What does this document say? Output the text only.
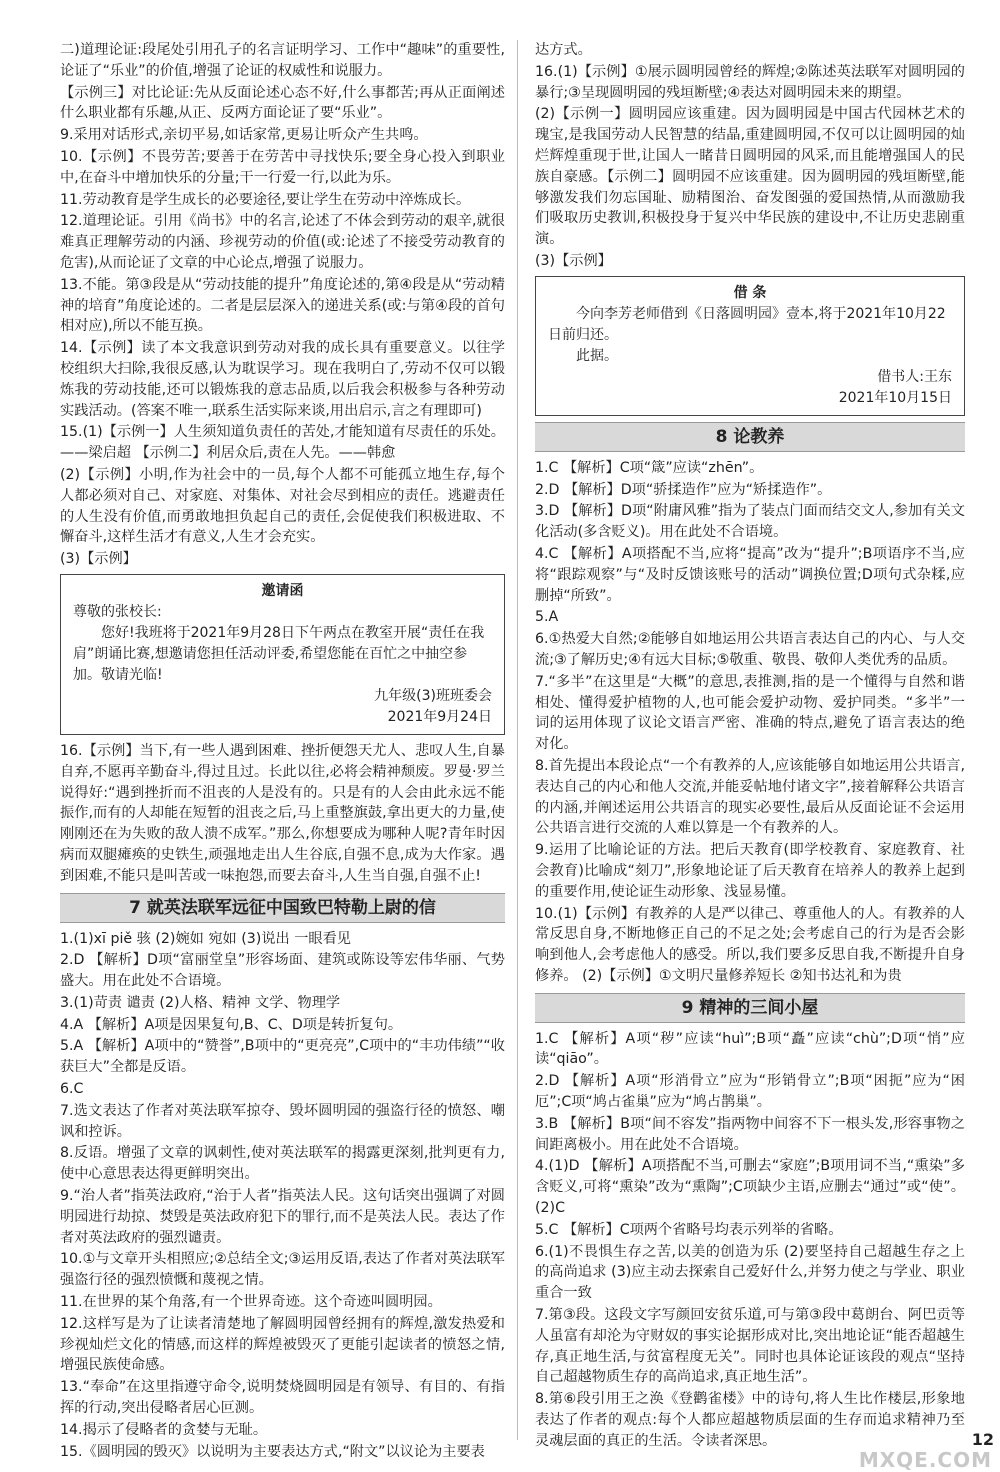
二)道理论证:段尾处引用孔子的名言证明学习、工作中“趣味”的重要性,论证了“乐业”的价值,增强了论证的权威性和说服力。

【示例三】对比论证:先从反面论述心态不好,什么事都苦;再从正面阐述什么职业都有乐趣,从正、反两方面论证了要“乐业”。

9.采用对话形式,亲切平易,如话家常,更易让听众产生共鸣。

10.【示例】不畏劳苦;要善于在劳苦中寻找快乐;要全身心投入到职业中,在奋斗中增加快乐的分量;干一行爱一行,以此为乐。

11.劳动教育是学生成长的必要途径,要让学生在劳动中淬炼成长。

12.道理论证。引用《尚书》中的名言,论述了不体会到劳动的艰辛,就很难真正理解劳动的内涵、珍视劳动的价值(或:论述了不接受劳动教育的危害),从而论证了文章的中心论点,增强了说服力。

13.不能。第③段是从“劳动技能的提升”角度论述的,第④段是从“劳动精神的培育”角度论述的。二者是层层深入的递进关系(或:与第④段的首句相对应),所以不能互换。

14.【示例】读了本文我意识到劳动对我的成长具有重要意义。以往学校组织大扫除,我很反感,认为耽误学习。现在我明白了,劳动不仅可以锻炼我的劳动技能,还可以锻炼我的意志品质,以后我会积极参与各种劳动实践活动。(答案不唯一,联系生活实际来谈,用出启示,言之有理即可)

15.(1)【示例一】人生须知道负责任的苦处,才能知道有尽责任的乐处。——梁启超 【示例二】利居众后,责在人先。——韩愈

(2)【示例】小明,作为社会中的一员,每个人都不可能孤立地生存,每个人都必须对自己、对家庭、对集体、对社会尽到相应的责任。逃避责任的人生没有价值,而勇敢地担负起自己的责任,会促使我们积极进取、不懈奋斗,这样生活才有意义,人生才会充实。

(3)【示例】

邀请函
尊敬的张校长:
您好!我班将于2021年9月28日下午两点在教室开展“责任在我肩”朗诵比赛,想邀请您担任活动评委,希望您能在百忙之中抽空参加。敬请光临!
九年级(3)班班委会
2021年9月24日

16.【示例】当下,有一些人遇到困难、挫折便怨天尤人、悲叹人生,自暴自弃,不愿再辛勤奋斗,得过且过。长此以往,必将会精神颓废。罗曼·罗兰说得好:“遇到挫折而不沮丧的人是没有的。只是有的人会由此永远不能振作,而有的人却能在短暂的沮丧之后,马上重整旗鼓,拿出更大的力量,使刚刚还在为失败的敌人溃不成军。”那么,你想要成为哪种人呢?青年时因病而双腿瘫痪的史铁生,顽强地走出人生谷底,自强不息,成为大作家。遇到困难,不能只是叫苦或一味抱怨,而要去奋斗,人生当自强,自强不止!

7 就英法联军远征中国致巴特勒上尉的信

1.(1)xī piě 骇 (2)婉如 宛如 (3)说出 一眼看见

2.D 【解析】D项“富丽堂皇”形容场面、建筑或陈设等宏伟华丽、气势盛大。用在此处不合语境。

3.(1)苛责 谴责 (2)人格、精神 文学、物理学

4.A 【解析】A项是因果复句,B、C、D项是转折复句。

5.A 【解析】A项中的“赞誉”,B项中的“更亮亮”,C项中的“丰功伟绩”“收获巨大”全都是反语。

6.C

7.选文表达了作者对英法联军掠夺、毁坏圆明园的强盗行径的愤怒、嘲讽和控诉。

8.反语。增强了文章的讽刺性,使对英法联军的揭露更深刻,批判更有力,使中心意思表达得更鲜明突出。

9.“治人者”指英法政府,“治于人者”指英法人民。这句话突出强调了对圆明园进行劫掠、焚毁是英法政府犯下的罪行,而不是英法人民。表达了作者对英法政府的强烈谴责。

10.①与文章开头相照应;②总结全文;③运用反语,表达了作者对英法联军强盗行径的强烈愤慨和蔑视之情。

11.在世界的某个角落,有一个世界奇迹。这个奇迹叫圆明园。

12.这样写是为了让读者清楚地了解圆明园曾经拥有的辉煌,激发热爱和珍视灿烂文化的情感,而这样的辉煌被毁灭了更能引起读者的愤怒之情,增强民族使命感。

13.“奉命”在这里指遵守命令,说明焚烧圆明园是有领导、有目的、有指挥的行动,突出侵略者居心叵测。

14.揭示了侵略者的贪婪与无耻。

15.《圆明园的毁灭》以说明为主要表达方式,“附文”以议论为主要表

达方式。

16.(1)【示例】①展示圆明园曾经的辉煌;②陈述英法联军对圆明园的暴行;③呈现圆明园的残垣断壁;④表达对圆明园未来的期望。

(2)【示例一】圆明园应该重建。因为圆明园是中国古代园林艺术的瑰宝,是我国劳动人民智慧的结晶,重建圆明园,不仅可以让圆明园的灿烂辉煌重现于世,让国人一睹昔日圆明园的风采,而且能增强国人的民族自豪感。【示例二】圆明园不应该重建。因为圆明园的残垣断壁,能够激发我们勿忘国耻、励精图治、奋发图强的爱国热情,从而激励我们吸取历史教训,积极投身于复兴中华民族的建设中,不让历史悲剧重演。

(3)【示例】

借 条
今向李芳老师借到《日落圆明园》壹本,将于2021年10月22日前归还。
此据。
借书人:王东
2021年10月15日
8 论教养

1.C 【解析】C项“箴”应读“zhēn”。

2.D 【解析】D项“骄揉造作”应为“矫揉造作”。

3.D 【解析】D项“附庸风雅”指为了装点门面而结交文人,参加有关文化活动(多含贬义)。用在此处不合语境。

4.C 【解析】A项搭配不当,应将“提高”改为“提升”;B项语序不当,应将“跟踪观察”与“及时反馈该账号的活动”调换位置;D项句式杂糅,应删掉“所致”。

5.A

6.①热爱大自然;②能够自如地运用公共语言表达自己的内心、与人交流;③了解历史;④有远大目标;⑤敬重、敬畏、敬仰人类优秀的品质。

7.“多半”在这里是“大概”的意思,表推测,指的是一个懂得与自然和谐相处、懂得爱护植物的人,也可能会爱护动物、爱护同类。“多半”一词的运用体现了议论文语言严密、准确的特点,避免了语言表达的绝对化。

8.首先提出本段论点“一个有教养的人,应该能够自如地运用公共语言,表达自己的内心和他人交流,并能妥帖地付诸文字”,接着解释公共语言的内涵,并阐述运用公共语言的现实必要性,最后从反面论证不会运用公共语言进行交流的人难以算是一个有教养的人。

9.运用了比喻论证的方法。把后天教育(即学校教育、家庭教育、社会教育)比喻成“刻刀”,形象地论证了后天教育在培养人的教养上起到的重要作用,使论证生动形象、浅显易懂。

10.(1)【示例】有教养的人是严以律己、尊重他人的人。有教养的人常反思自身,不断地修正自己的不足之处;会考虑自己的行为是否会影响到他人,会考虑他人的感受。所以,我们要多反思自我,不断提升自身修养。 (2)【示例】①文明尺量修养短长 ②知书达礼和为贵

9 精神的三间小屋

1.C 【解析】A项“秽”应读“huì”;B项“矗”应读“chù”;D项“悄”应读“qiāo”。

2.D 【解析】A项“形消骨立”应为“形销骨立”;B项“困扼”应为“困厄”;C项“鸠占雀巢”应为“鸠占鹊巢”。

3.B 【解析】B项“间不容发”指两物中间容不下一根头发,形容事物之间距离极小。用在此处不合语境。

4.(1)D 【解析】A项搭配不当,可删去“家庭”;B项用词不当,“熏染”多含贬义,可将“熏染”改为“熏陶”;C项缺少主语,应删去“通过”或“使”。 (2)C

5.C 【解析】C项两个省略号均表示列举的省略。

6.(1)不畏惧生存之苦,以美的创造为乐 (2)要坚持自己超越生存之上的高尚追求 (3)应主动去探索自己爱好什么,并努力使之与学业、职业重合一致

7.第③段。这段文字写颜回安贫乐道,可与第③段中葛朗台、阿巴贡等人虽富有却沦为守财奴的事实论据形成对比,突出地论证“能否超越生存,真正地生活,与贫富程度无关”。同时也具体论证该段的观点“坚持自己超越物质生存的高尚追求,真正地生活”。

8.第⑥段引用王之涣《登鹳雀楼》中的诗句,将人生比作楼层,形象地表达了作者的观点:每个人都应超越物质层面的生存而追求精神乃至灵魂层面的真正的生活。令读者深思。	12
MXQE.COM
